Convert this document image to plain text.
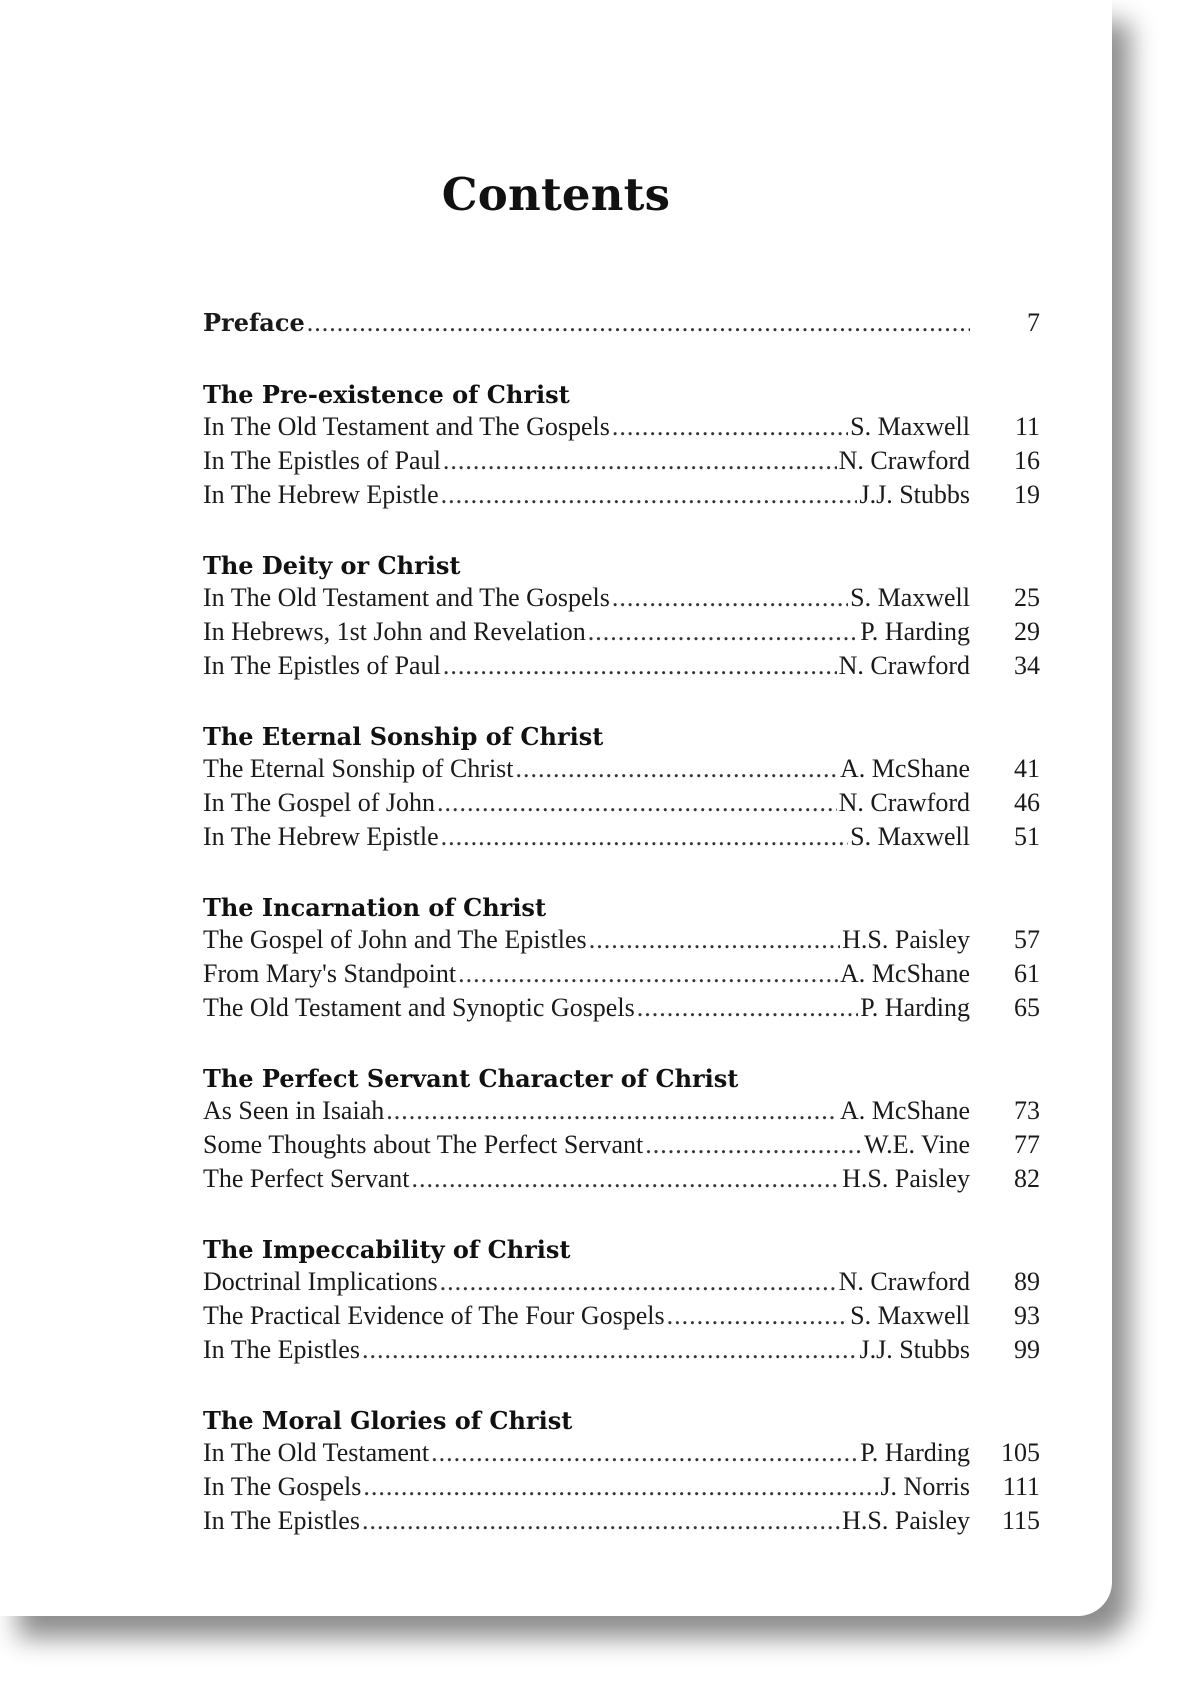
Contents
Preface .....	7
The Pre-existence of Christ
In The Old Testament and The Gospels .....	S. Maxwell	11
In The Epistles of Paul .....	N. Crawford	16
In The Hebrew Epistle .....	J.J. Stubbs	19
The Deity or Christ
In The Old Testament and The Gospels .....	S. Maxwell	25
In Hebrews, 1st John and Revelation .....	P. Harding	29
In The Epistles of Paul .....	N. Crawford	34
The Eternal Sonship of Christ
The Eternal Sonship of Christ .....	A. McShane	41
In The Gospel of John .....	N. Crawford	46
In The Hebrew Epistle .....	S. Maxwell	51
The Incarnation of Christ
The Gospel of John and The Epistles .....	H.S. Paisley	57
From Mary's Standpoint .....	A. McShane	61
The Old Testament and Synoptic Gospels .....	P. Harding	65
The Perfect Servant Character of Christ
As Seen in Isaiah .....	A. McShane	73
Some Thoughts about The Perfect Servant .....	W.E. Vine	77
The Perfect Servant .....	H.S. Paisley	82
The Impeccability of Christ
Doctrinal Implications .....	N. Crawford	89
The Practical Evidence of The Four Gospels .....	S. Maxwell	93
In The Epistles .....	J.J. Stubbs	99
The Moral Glories of Christ
In The Old Testament .....	P. Harding	105
In The Gospels .....	J. Norris	111
In The Epistles .....	H.S. Paisley	115
